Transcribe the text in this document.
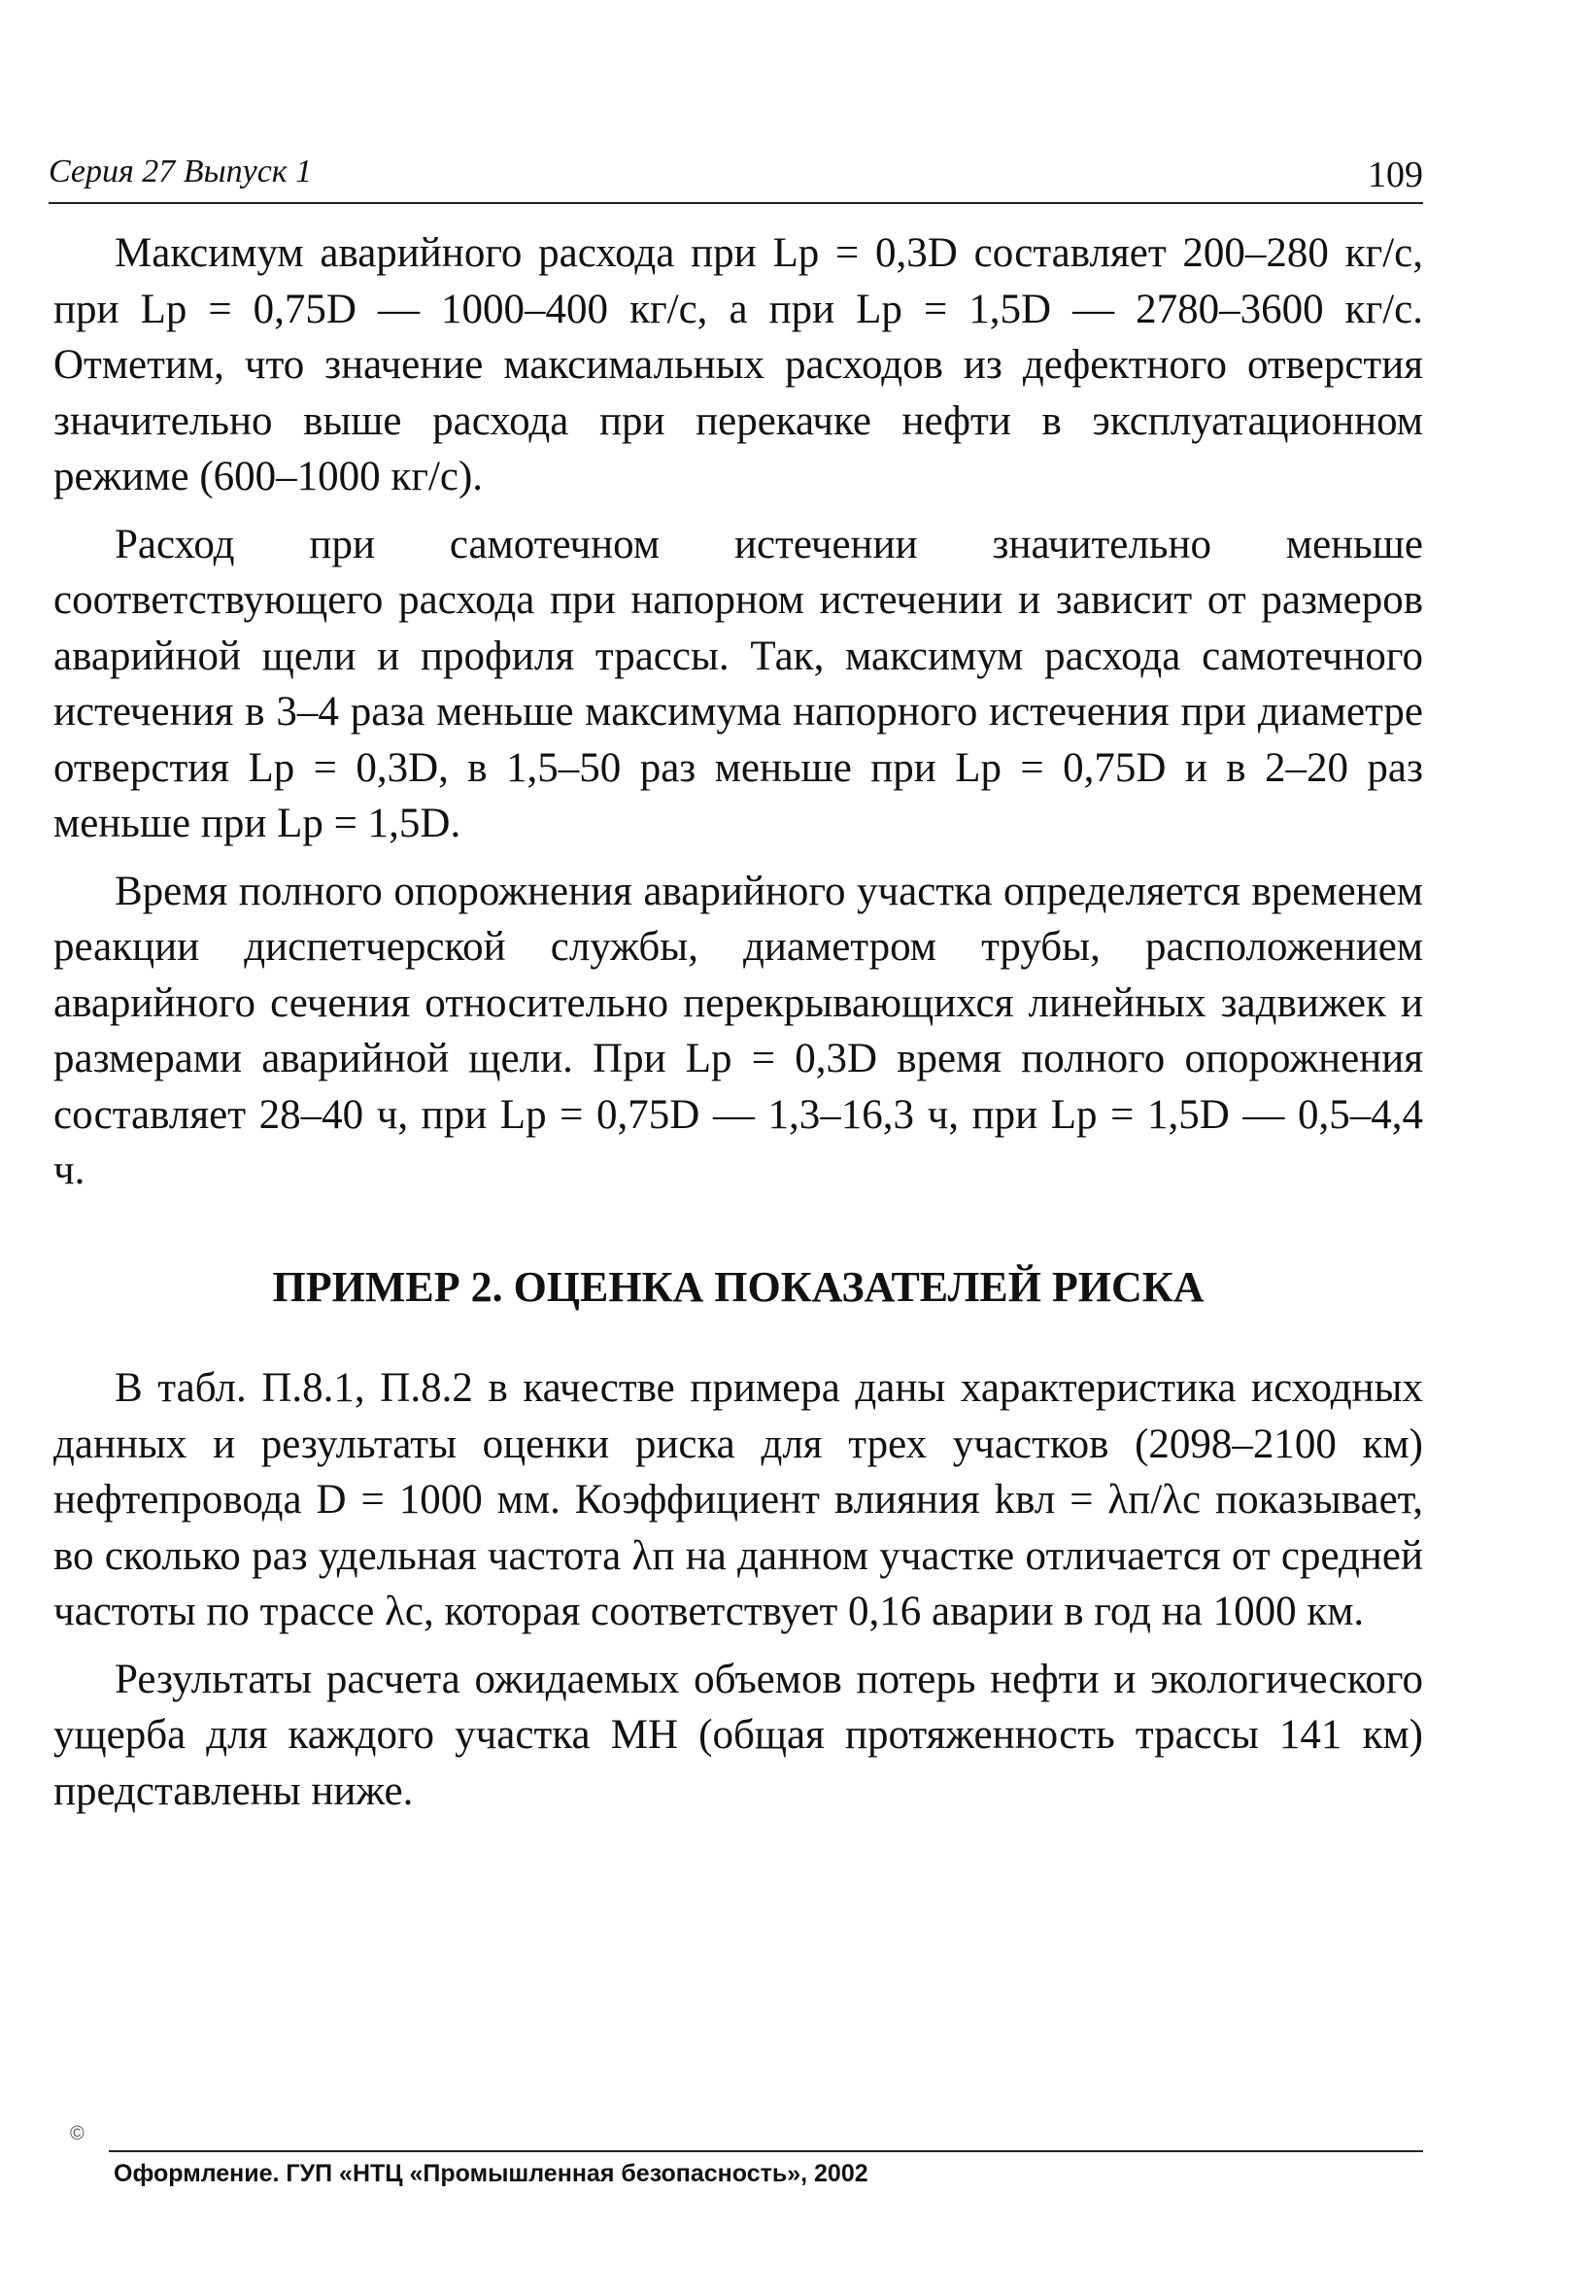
Серия 27 Выпуск 1	109

Максимум аварийного расхода при Lр = 0,3D составляет 200–280 кг/с, при Lр = 0,75D — 1000–400 кг/с, а при Lр = 1,5D — 2780–3600 кг/с. Отметим, что значение максимальных расходов из дефектного отверстия значительно выше расхода при перекачке нефти в эксплуатационном режиме (600–1000 кг/с).

Расход при самотечном истечении значительно меньше соответствующего расхода при напорном истечении и зависит от размеров аварийной щели и профиля трассы. Так, максимум расхода самотечного истечения в 3–4 раза меньше максимума напорного истечения при диаметре отверстия Lр = 0,3D, в 1,5–50 раз меньше при Lр = 0,75D и в 2–20 раз меньше при Lр = 1,5D.

Время полного опорожнения аварийного участка определяется временем реакции диспетчерской службы, диаметром трубы, расположением аварийного сечения относительно перекрывающихся линейных задвижек и размерами аварийной щели. При Lр = 0,3D время полного опорожнения составляет 28–40 ч, при Lр = 0,75D — 1,3–16,3 ч, при Lр = 1,5D — 0,5–4,4 ч.

ПРИМЕР 2. ОЦЕНКА ПОКАЗАТЕЛЕЙ РИСКА

В табл. П.8.1, П.8.2 в качестве примера даны характеристика исходных данных и результаты оценки риска для трех участков (2098–2100 км) нефтепровода D = 1000 мм. Коэффициент влияния kвл = λп/λс показывает, во сколько раз удельная частота λп на данном участке отличается от средней частоты по трассе λс, которая соответствует 0,16 аварии в год на 1000 км.

Результаты расчета ожидаемых объемов потерь нефти и экологического ущерба для каждого участка МН (общая протяженность трассы 141 км) представлены ниже.

©
Оформление. ГУП «НТЦ «Промышленная безопасность», 2002
